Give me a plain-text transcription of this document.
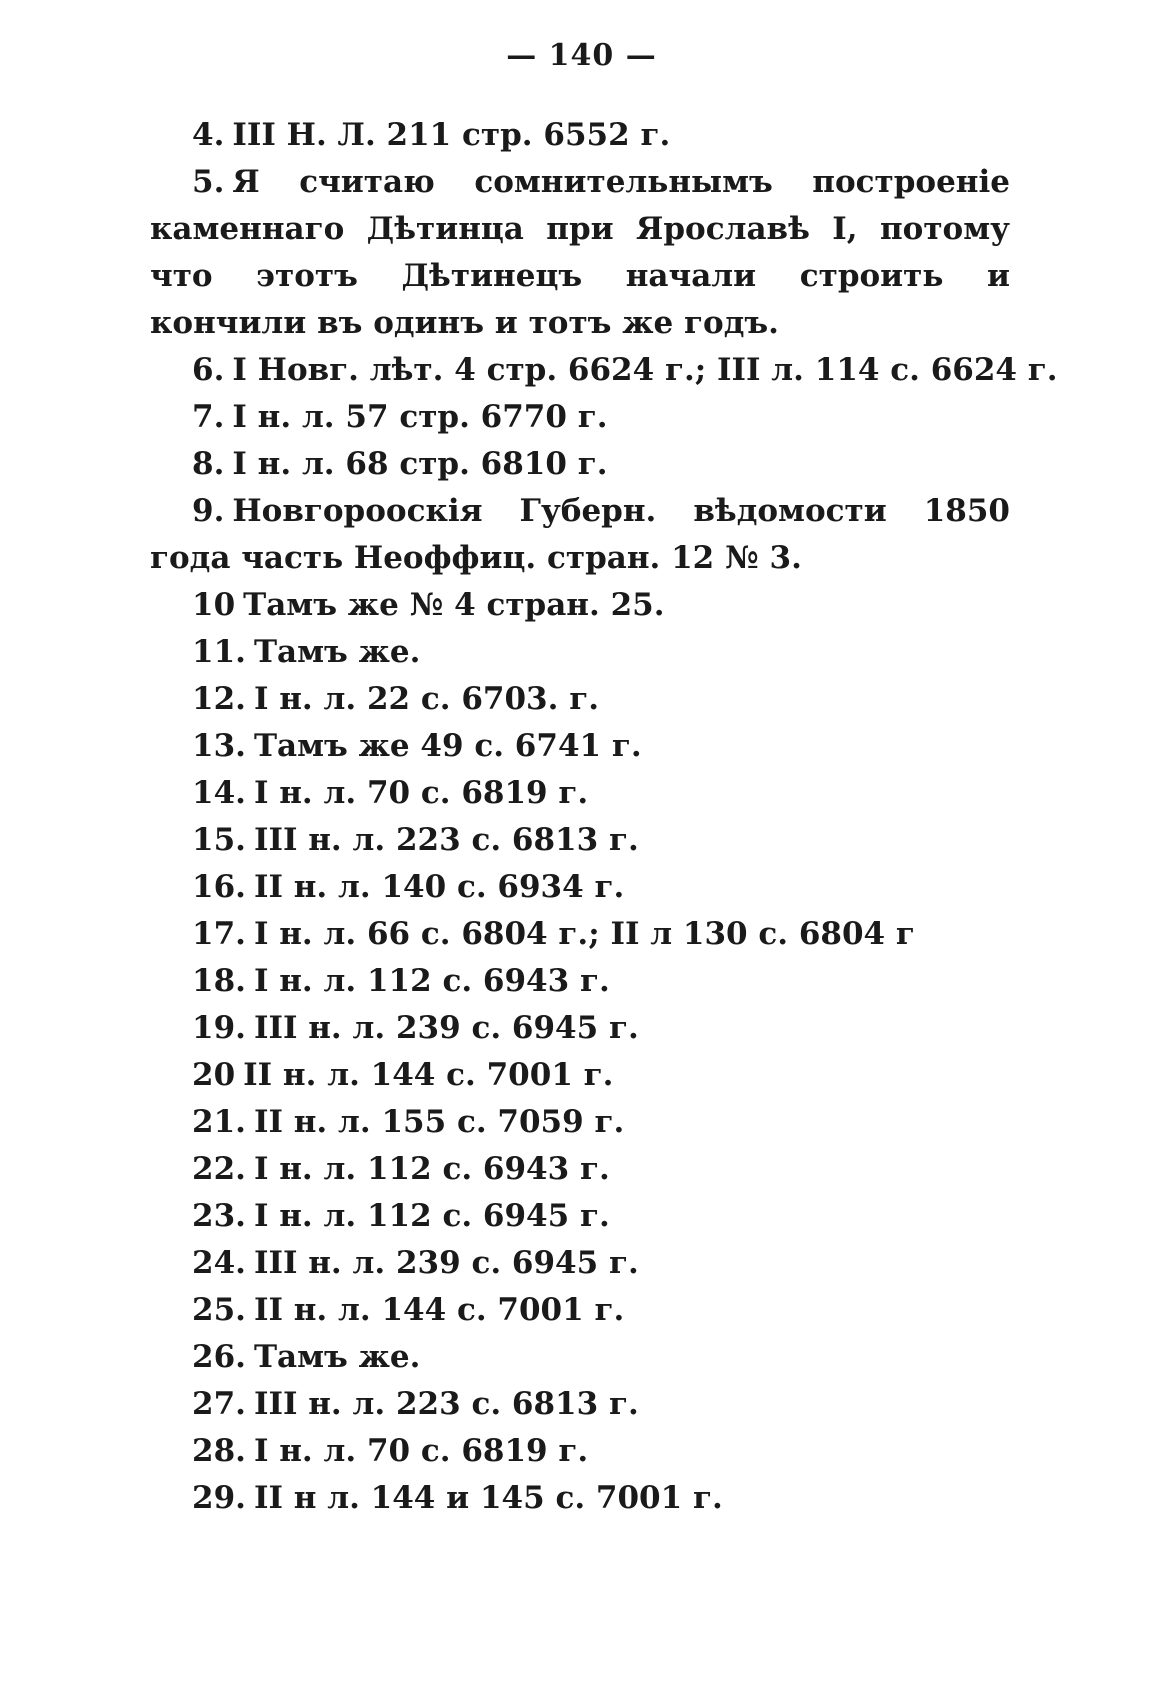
— 140 —
4. III Н. Л. 211 стр. 6552 г.
5. Я считаю сомнительнымъ построеніе каменнаго Дѣтинца при Ярославѣ I, потому что этотъ Дѣтинецъ начали строить и кончили въ одинъ и тотъ же годъ.
6. I Новг. лѣт. 4 стр. 6624 г.; III л. 114 с. 6624 г.
7. I н. л. 57 стр. 6770 г.
8. I н. л. 68 стр. 6810 г.
9. Новгорооскія Губерн. вѣдомости 1850 года часть Неоффиц. стран. 12 № 3.
10 Тамъ же № 4 стран. 25.
11. Тамъ же.
12. I н. л. 22 с. 6703. г.
13. Тамъ же 49 с. 6741 г.
14. I н. л. 70 с. 6819 г.
15. III н. л. 223 с. 6813 г.
16. II н. л. 140 с. 6934 г.
17. I н. л. 66 с. 6804 г.; II л 130 с. 6804 г
18. I н. л. 112 с. 6943 г.
19. III н. л. 239 с. 6945 г.
20 II н. л. 144 с. 7001 г.
21. II н. л. 155 с. 7059 г.
22. I н. л. 112 с. 6943 г.
23. I н. л. 112 с. 6945 г.
24. III н. л. 239 с. 6945 г.
25. II н. л. 144 с. 7001 г.
26. Тамъ же.
27. III н. л. 223 с. 6813 г.
28. I н. л. 70 с. 6819 г.
29. II н л. 144 и 145 с. 7001 г.
